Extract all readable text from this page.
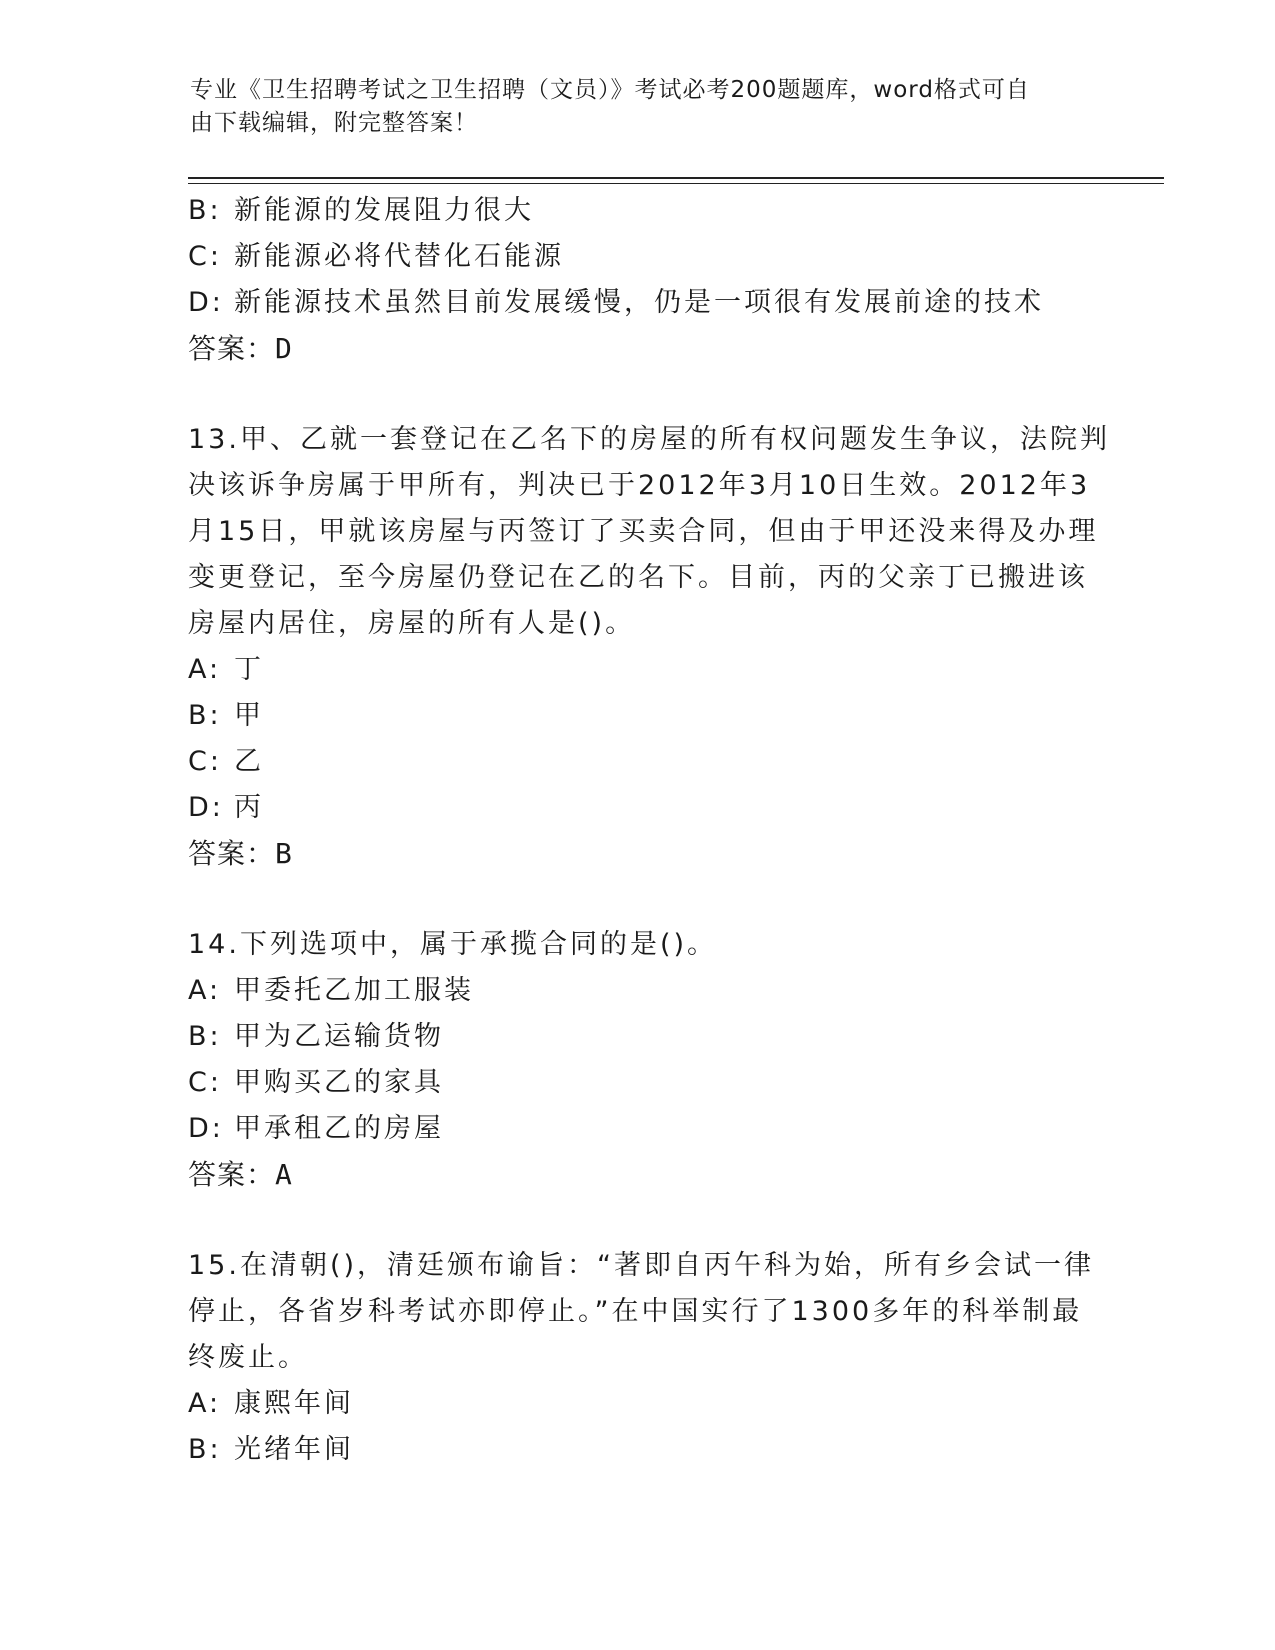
专业《卫生招聘考试之卫生招聘（文员）》考试必考200题题库，word格式可自
由下载编辑，附完整答案！
B: 新能源的发展阻力很大
C: 新能源必将代替化石能源
D: 新能源技术虽然目前发展缓慢，仍是一项很有发展前途的技术
答案：D
13.甲、乙就一套登记在乙名下的房屋的所有权问题发生争议，法院判
决该诉争房属于甲所有，判决已于2012年3月10日生效。2012年3
月15日，甲就该房屋与丙签订了买卖合同，但由于甲还没来得及办理
变更登记，至今房屋仍登记在乙的名下。目前，丙的父亲丁已搬进该
房屋内居住，房屋的所有人是()。
A: 丁
B: 甲
C: 乙
D: 丙
答案：B
14.下列选项中，属于承揽合同的是()。
A: 甲委托乙加工服装
B: 甲为乙运输货物
C: 甲购买乙的家具
D: 甲承租乙的房屋
答案：A
15.在清朝()，清廷颁布谕旨：“著即自丙午科为始，所有乡会试一律
停止，各省岁科考试亦即停止。”在中国实行了1300多年的科举制最
终废止。
A: 康熙年间
B: 光绪年间
